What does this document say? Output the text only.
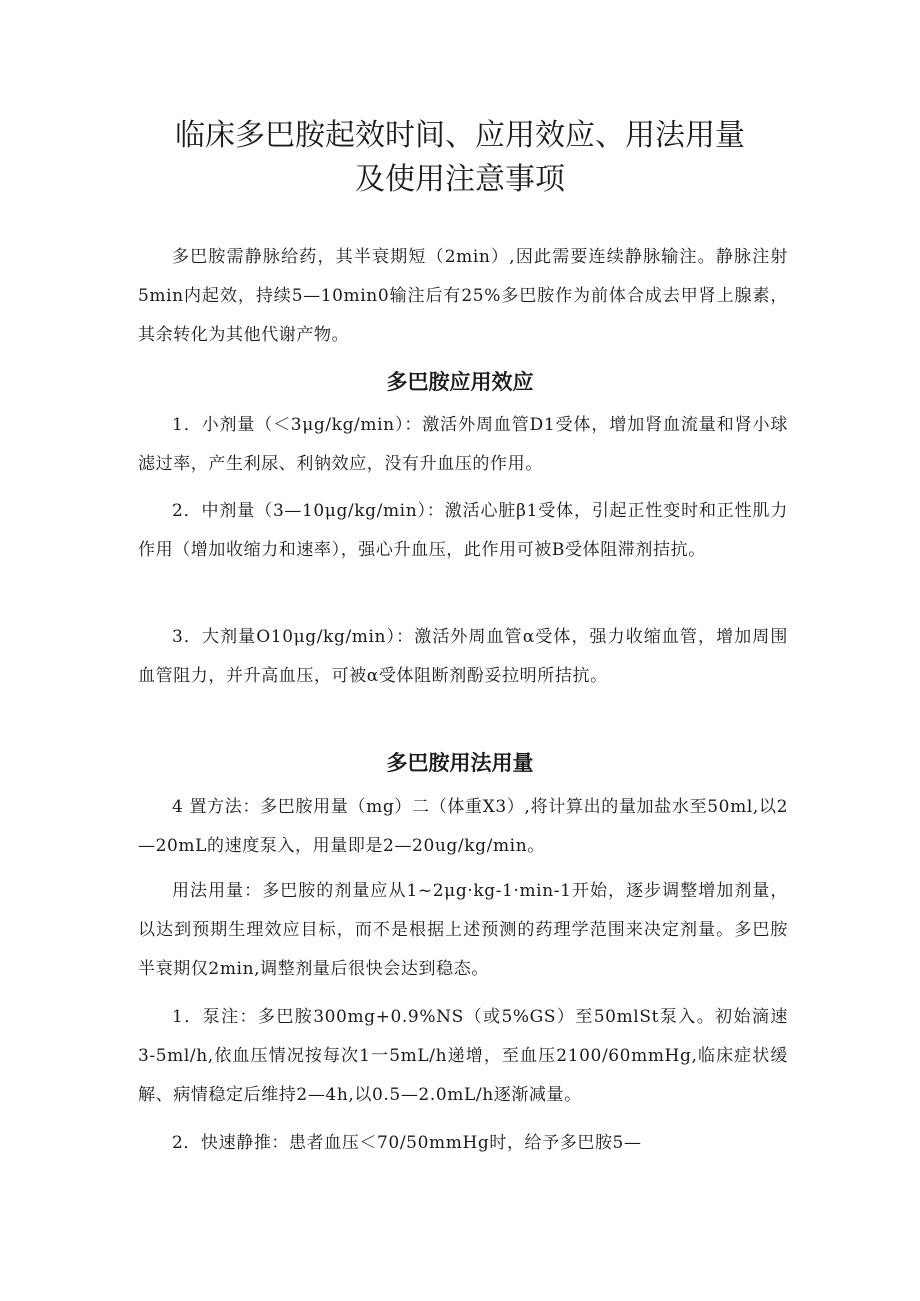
临床多巴胺起效时间、应用效应、用法用量
及使用注意事项

多巴胺需静脉给药，其半衰期短（2min）,因此需要连续静脉输注。静脉注射5min内起效，持续5—10min0输注后有25%多巴胺作为前体合成去甲肾上腺素，其余转化为其他代谢产物。

多巴胺应用效应

1．小剂量（＜3μg/kg/min）：激活外周血管D1受体，增加肾血流量和肾小球滤过率，产生利尿、利钠效应，没有升血压的作用。

2．中剂量（3—10μg/kg/min）：激活心脏β1受体，引起正性变时和正性肌力作用（增加收缩力和速率），强心升血压，此作用可被B受体阻滞剂拮抗。

3．大剂量O10μg/kg/min）：激活外周血管α受体，强力收缩血管，增加周围血管阻力，并升高血压，可被α受体阻断剂酚妥拉明所拮抗。

多巴胺用法用量

4 置方法：多巴胺用量（mg）二（体重X3）,将计算出的量加盐水至50ml,以2—20mL的速度泵入，用量即是2—20ug/kg/min。

用法用量：多巴胺的剂量应从1~2μg·kg-1·min-1开始，逐步调整增加剂量，以达到预期生理效应目标，而不是根据上述预测的药理学范围来决定剂量。多巴胺半衰期仅2min,调整剂量后很快会达到稳态。

1．泵注：多巴胺300mg+0.9%NS（或5%GS）至50mlSt泵入。初始滴速3-5ml/h,依血压情况按每次1一5mL/h递增，至血压2100/60mmHg,临床症状缓解、病情稳定后维持2—4h,以0.5—2.0mL/h逐渐减量。

2．快速静推：患者血压＜70/50mmHg时，给予多巴胺5—
